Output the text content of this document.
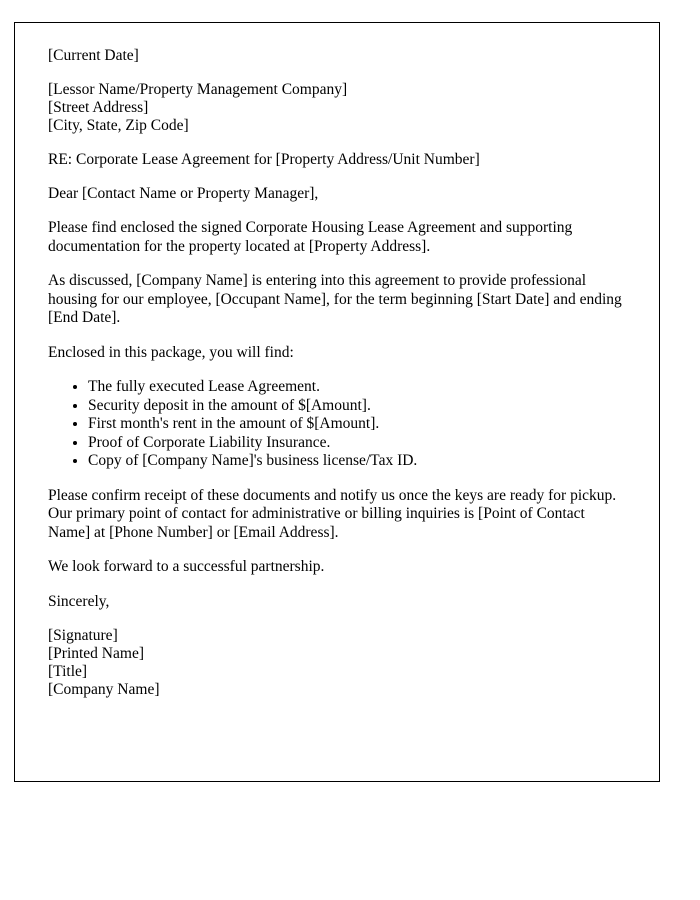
[Current Date]
[Lessor Name/Property Management Company]
[Street Address]
[City, State, Zip Code]
RE: Corporate Lease Agreement for [Property Address/Unit Number]
Dear [Contact Name or Property Manager],
Please find enclosed the signed Corporate Housing Lease Agreement and supporting documentation for the property located at [Property Address].
As discussed, [Company Name] is entering into this agreement to provide professional housing for our employee, [Occupant Name], for the term beginning [Start Date] and ending [End Date].
Enclosed in this package, you will find:
• The fully executed Lease Agreement.
• Security deposit in the amount of $[Amount].
• First month's rent in the amount of $[Amount].
• Proof of Corporate Liability Insurance.
• Copy of [Company Name]'s business license/Tax ID.
Please confirm receipt of these documents and notify us once the keys are ready for pickup. Our primary point of contact for administrative or billing inquiries is [Point of Contact Name] at [Phone Number] or [Email Address].
We look forward to a successful partnership.
Sincerely,
[Signature]
[Printed Name]
[Title]
[Company Name]
